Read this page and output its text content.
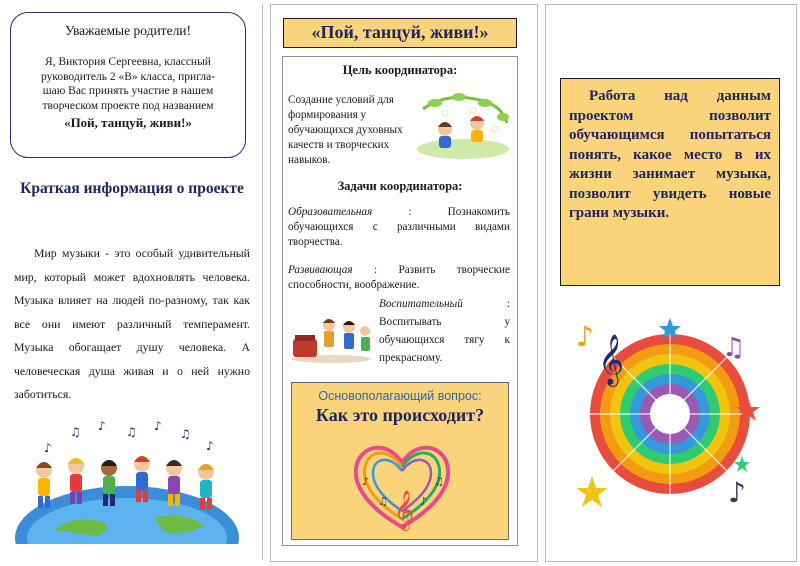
Уважаемые родители!
Я, Виктория Сергеевна, классный
руководитель 2 «В» класса, пригла-
шаю Вас принять участие в нашем
творческом проекте под названием
«Пой, танцуй, живи!»
Краткая информация о проекте
Мир музыки - это особый удивительный мир, который может вдохновлять человека. Музыка влияет на людей по-разному, так как все они имеют различный темперамент. Музыка обогащает душу человека. А человеческая душа живая и о ней нужно заботиться.
♪
♫ ♪ ♫ ♪
♫
♪
«Пой, танцуй, живи!»
Цель координатора:
Создание условий для формирования у обучающихся духовных качеств и творческих навыков.
Задачи координатора:
Образовательная : Познакомить обучающихся с различными видами творчества.
Развивающая : Развить творческие способности, воображение.
Воспитательный : Воспитывать у обучающихся тягу к прекрасному.
Основополагающий вопрос:
Как это происходит?
𝄞
♪	♫
♫	♪
Работа над данным проектом позволит обучающимся попытаться понять, какое место в их жизни занимает музыка, позволит увидеть новые грани музыки.
𝄞	♫
♪
♪
